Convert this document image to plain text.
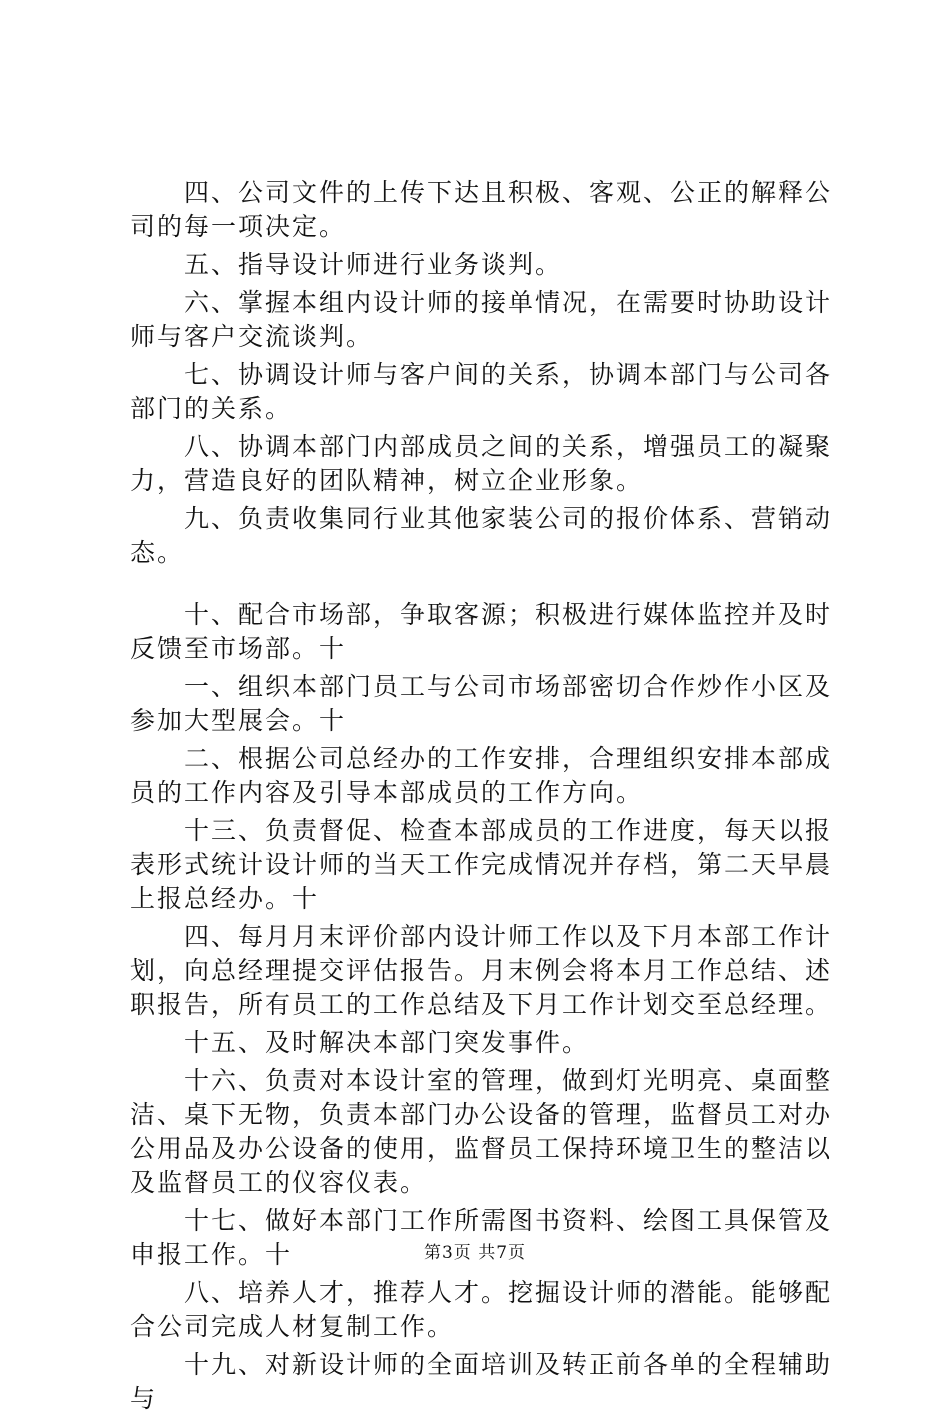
　　四、公司文件的上传下达且积极、客观、公正的解释公司的每一项决定。

　　五、指导设计师进行业务谈判。

　　六、掌握本组内设计师的接单情况，在需要时协助设计师与客户交流谈判。

　　七、协调设计师与客户间的关系，协调本部门与公司各部门的关系。

　　八、协调本部门内部成员之间的关系，增强员工的凝聚力，营造良好的团队精神，树立企业形象。

　　九、负责收集同行业其他家装公司的报价体系、营销动态。

　　十、配合市场部，争取客源；积极进行媒体监控并及时反馈至市场部。十

　　一、组织本部门员工与公司市场部密切合作炒作小区及参加大型展会。十

　　二、根据公司总经办的工作安排，合理组织安排本部成员的工作内容及引导本部成员的工作方向。

　　十三、负责督促、检查本部成员的工作进度，每天以报表形式统计设计师的当天工作完成情况并存档，第二天早晨上报总经办。十

　　四、每月月末评价部内设计师工作以及下月本部工作计划，向总经理提交评估报告。月末例会将本月工作总结、述职报告，所有员工的工作总结及下月工作计划交至总经理。

　　十五、及时解决本部门突发事件。

　　十六、负责对本设计室的管理，做到灯光明亮、桌面整洁、桌下无物，负责本部门办公设备的管理，监督员工对办公用品及办公设备的使用，监督员工保持环境卫生的整洁以及监督员工的仪容仪表。

　　十七、做好本部门工作所需图书资料、绘图工具保管及申报工作。十

　　八、培养人才，推荐人才。挖掘设计师的潜能。能够配合公司完成人材复制工作。

　　十九、对新设计师的全面培训及转正前各单的全程辅助与

第3页 共7页
